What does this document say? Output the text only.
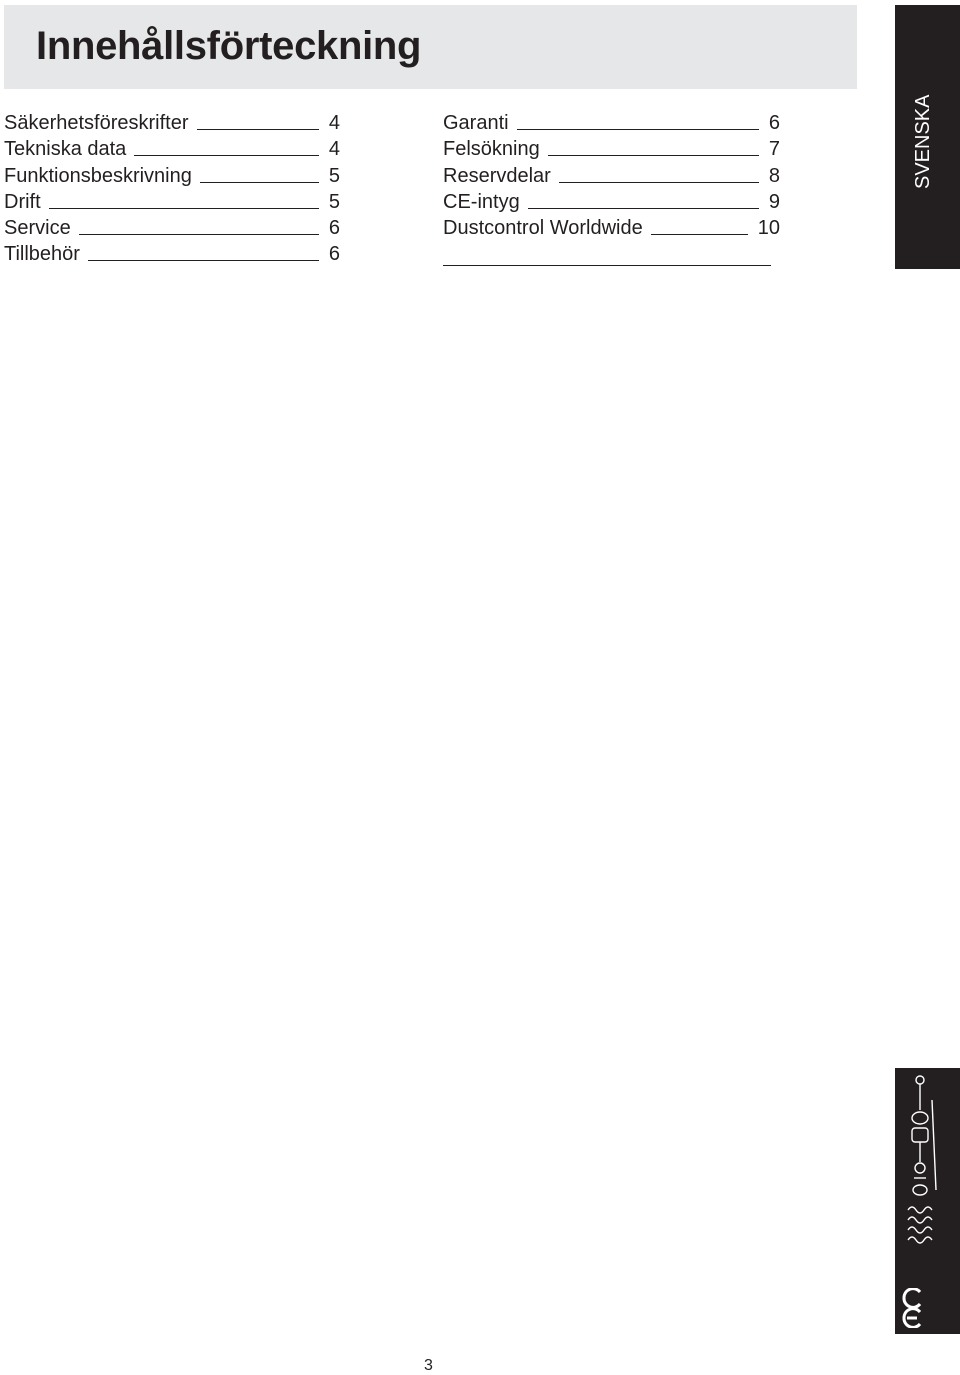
Innehållsförteckning
Säkerhetsföreskrifter	4
Tekniska data	4
Funktionsbeskrivning	5
Drift	5
Service	6
Tillbehör	6
Garanti	6
Felsökning	7
Reservdelar	8
CE-intyg	9
Dustcontrol Worldwide	10
SVENSKA
3
